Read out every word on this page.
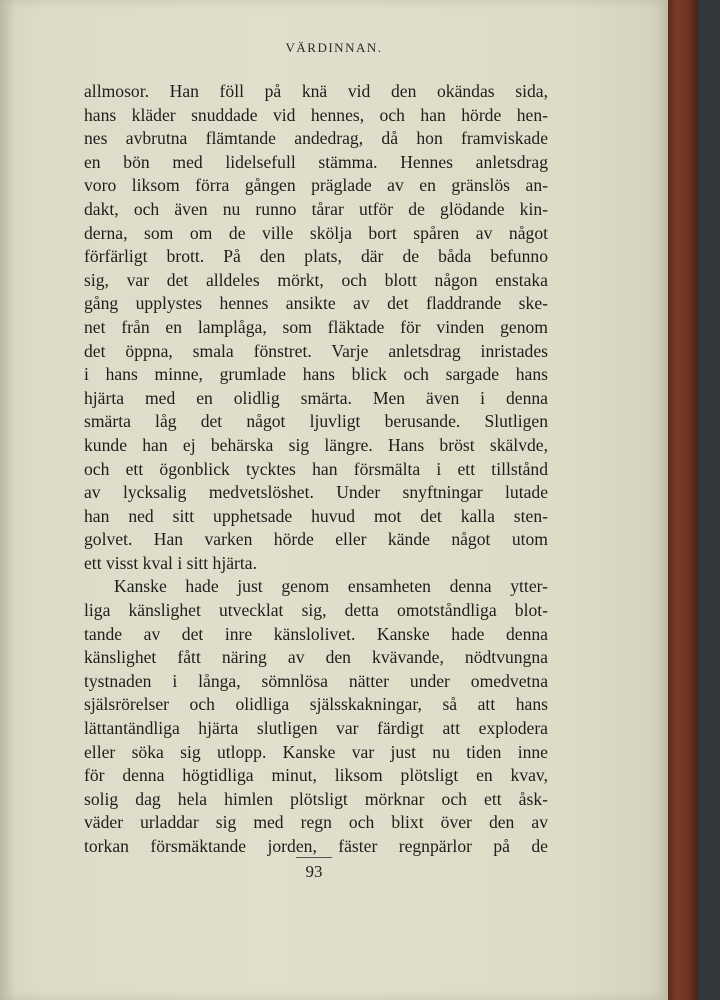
VÄRDINNAN.
allmosor. Han föll på knä vid den okändas sida,
hans kläder snuddade vid hennes, och han hörde hen-
nes avbrutna flämtande andedrag, då hon framviskade
en bön med lidelsefull stämma. Hennes anletsdrag
voro liksom förra gången präglade av en gränslös an-
dakt, och även nu runno tårar utför de glödande kin-
derna, som om de ville skölja bort spåren av något
förfärligt brott. På den plats, där de båda befunno
sig, var det alldeles mörkt, och blott någon enstaka
gång upplystes hennes ansikte av det fladdrande ske-
net från en lamplåga, som fläktade för vinden genom
det öppna, smala fönstret. Varje anletsdrag inristades
i hans minne, grumlade hans blick och sargade hans
hjärta med en olidlig smärta. Men även i denna
smärta låg det något ljuvligt berusande. Slutligen
kunde han ej behärska sig längre. Hans bröst skälvde,
och ett ögonblick tycktes han försmälta i ett tillstånd
av lycksalig medvetslöshet. Under snyftningar lutade
han ned sitt upphetsade huvud mot det kalla sten-
golvet. Han varken hörde eller kände något utom
ett visst kval i sitt hjärta.
Kanske hade just genom ensamheten denna ytter-
liga känslighet utvecklat sig, detta omotståndliga blot-
tande av det inre känslolivet. Kanske hade denna
känslighet fått näring av den kvävande, nödtvungna
tystnaden i långa, sömnlösa nätter under omedvetna
själsrörelser och olidliga själsskakningar, så att hans
lättantändliga hjärta slutligen var färdigt att explodera
eller söka sig utlopp. Kanske var just nu tiden inne
för denna högtidliga minut, liksom plötsligt en kvav,
solig dag hela himlen plötsligt mörknar och ett åsk-
väder urladdar sig med regn och blixt över den av
torkan försmäktande jorden, fäster regnpärlor på de
93
